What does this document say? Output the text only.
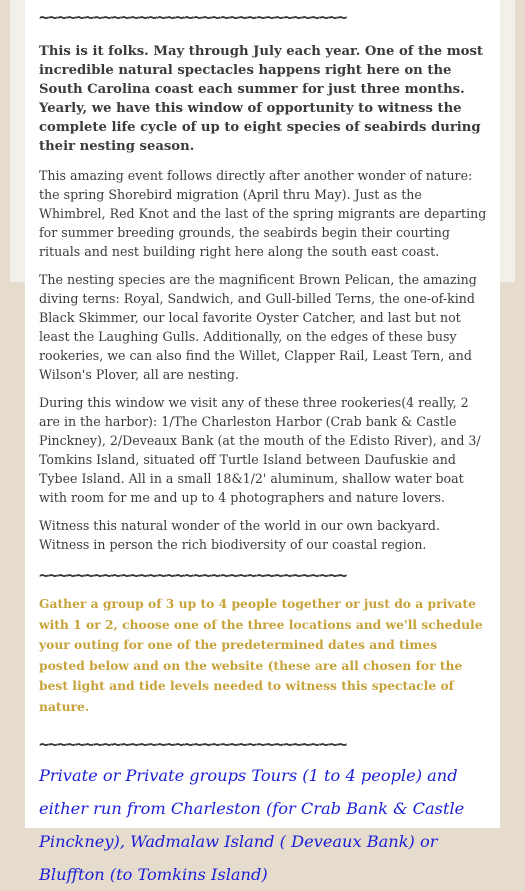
~~~~~~~~~~~~~~~~~~~~~~~~~~~~~~~~~~

This is it folks. May through July each year. One of the most incredible natural spectacles happens right here on the South Carolina coast each summer for just three months. Yearly, we have this window of opportunity to witness the complete life cycle of up to eight species of seabirds during their nesting season.

This amazing event follows directly after another wonder of nature: the spring Shorebird migration (April thru May). Just as the Whimbrel, Red Knot and the last of the spring migrants are departing for summer breeding grounds, the seabirds begin their courting rituals and nest building right here along the south east coast.

The nesting species are the magnificent Brown Pelican, the amazing diving terns: Royal, Sandwich, and Gull-billed Terns, the one-of-kind Black Skimmer, our local favorite Oyster Catcher, and last but not least the Laughing Gulls. Additionally, on the edges of these busy rookeries, we can also find the Willet, Clapper Rail, Least Tern, and Wilson's Plover, all are nesting.

During this window we visit any of these three rookeries(4 really, 2 are in the harbor): 1/The Charleston Harbor (Crab bank & Castle Pinckney), 2/Deveaux Bank (at the mouth of the Edisto River), and 3/ Tomkins Island, situated off Turtle Island between Daufuskie and Tybee Island. All in a small 18&1/2' aluminum, shallow water boat with room for me and up to 4 photographers and nature lovers.

Witness this natural wonder of the world in our own backyard. Witness in person the rich biodiversity of our coastal region.

~~~~~~~~~~~~~~~~~~~~~~~~~~~~~~~~~~

Gather a group of 3 up to 4 people together or just do a private with 1 or 2, choose one of the three locations and we'll schedule your outing for one of the predetermined dates and times posted below and on the website (these are all chosen for the best light and tide levels needed to witness this spectacle of nature.

~~~~~~~~~~~~~~~~~~~~~~~~~~~~~~~~~~

Private or Private groups Tours (1 to 4 people) and either run from Charleston (for Crab Bank & Castle Pinckney), Wadmalaw Island ( Deveaux Bank) or Bluffton (to Tomkins Island)
